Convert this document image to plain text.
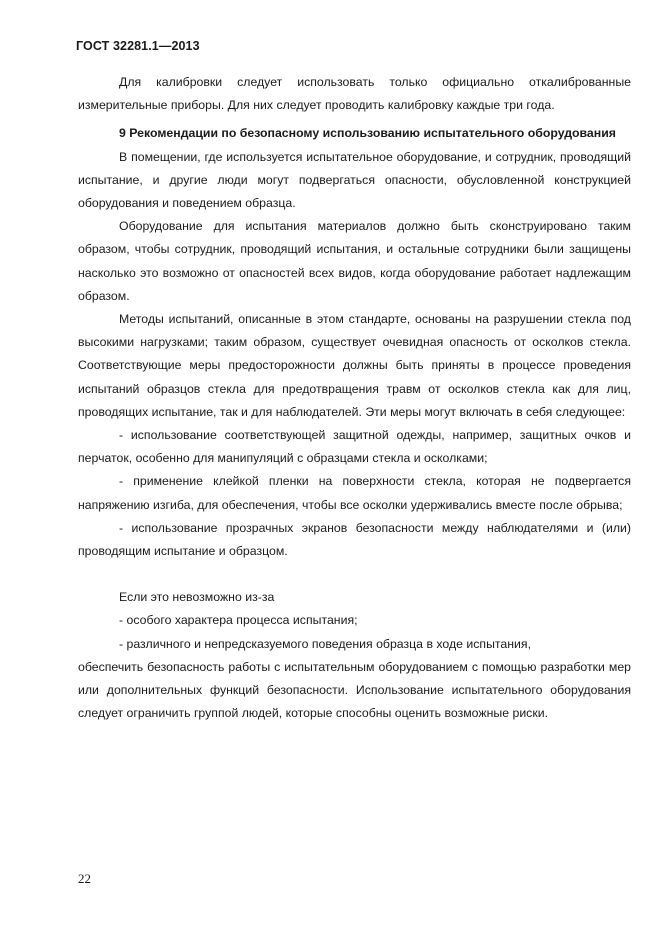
ГОСТ 32281.1—2013

Для калибровки следует использовать только официально откалиброванные измерительные приборы. Для них следует проводить калибровку каждые три года.

9 Рекомендации по безопасному использованию испытательного оборудования

В помещении, где используется испытательное оборудование, и сотрудник, проводящий испытание, и другие люди могут подвергаться опасности, обусловленной конструкцией оборудования и поведением образца.

Оборудование для испытания материалов должно быть сконструировано таким образом, чтобы сотрудник, проводящий испытания, и остальные сотрудники были защищены насколько это возможно от опасностей всех видов, когда оборудование работает надлежащим образом.

Методы испытаний, описанные в этом стандарте, основаны на разрушении стекла под высокими нагрузками; таким образом, существует очевидная опасность от осколков стекла. Соответствующие меры предосторожности должны быть приняты в процессе проведения испытаний образцов стекла для предотвращения травм от осколков стекла как для лиц, проводящих испытание, так и для наблюдателей. Эти меры могут включать в себя следующее:

- использование соответствующей защитной одежды, например, защитных очков и перчаток, особенно для манипуляций с образцами стекла и осколками;

- применение клейкой пленки на поверхности стекла, которая не подвергается напряжению изгиба, для обеспечения, чтобы все осколки удерживались вместе после обрыва;

- использование прозрачных экранов безопасности между наблюдателями и (или) проводящим испытание и образцом.

Если это невозможно из-за

- особого характера процесса испытания;

- различного и непредсказуемого поведения образца в ходе испытания,

обеспечить безопасность работы с испытательным оборудованием с помощью разработки мер или дополнительных функций безопасности. Использование испытательного оборудования следует ограничить группой людей, которые способны оценить возможные риски.

22
